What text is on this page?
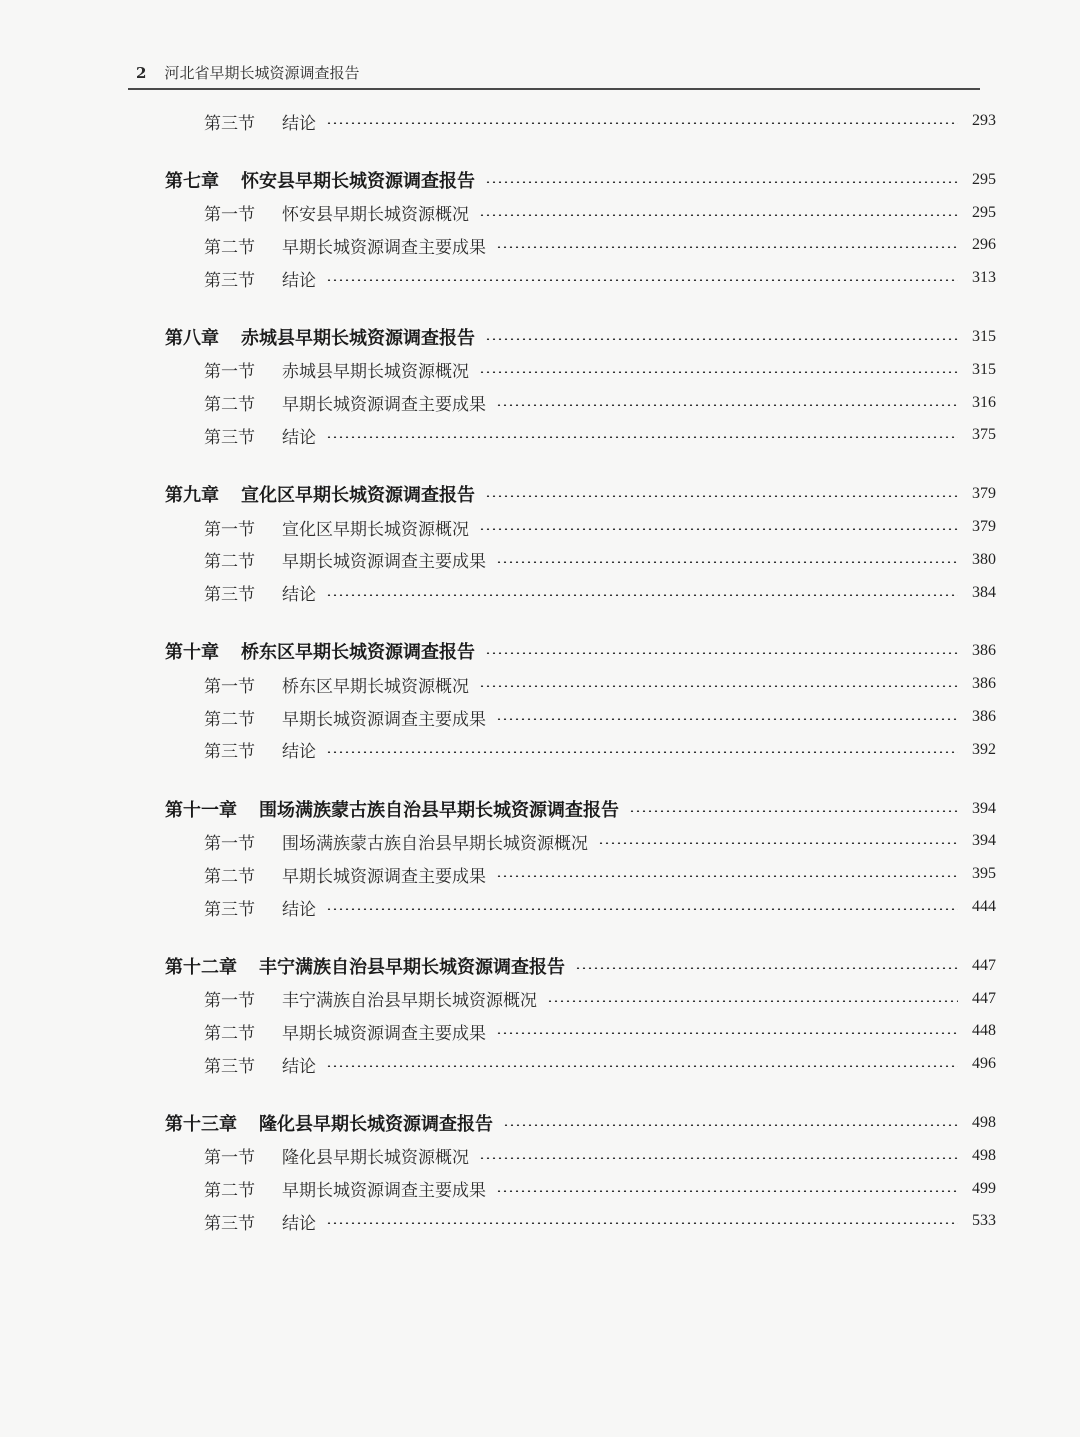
2 河北省早期长城资源调查报告
第三节 结论	293
第七章 怀安县早期长城资源调查报告	295
第一节 怀安县早期长城资源概况	295
第二节 早期长城资源调查主要成果	296
第三节 结论	313
第八章 赤城县早期长城资源调查报告	315
第一节 赤城县早期长城资源概况	315
第二节 早期长城资源调查主要成果	316
第三节 结论	375
第九章 宣化区早期长城资源调查报告	379
第一节 宣化区早期长城资源概况	379
第二节 早期长城资源调查主要成果	380
第三节 结论	384
第十章 桥东区早期长城资源调查报告	386
第一节 桥东区早期长城资源概况	386
第二节 早期长城资源调查主要成果	386
第三节 结论	392
第十一章 围场满族蒙古族自治县早期长城资源调查报告	394
第一节 围场满族蒙古族自治县早期长城资源概况	394
第二节 早期长城资源调查主要成果	395
第三节 结论	444
第十二章 丰宁满族自治县早期长城资源调查报告	447
第一节 丰宁满族自治县早期长城资源概况	447
第二节 早期长城资源调查主要成果	448
第三节 结论	496
第十三章 隆化县早期长城资源调查报告	498
第一节 隆化县早期长城资源概况	498
第二节 早期长城资源调查主要成果	499
第三节 结论	533
